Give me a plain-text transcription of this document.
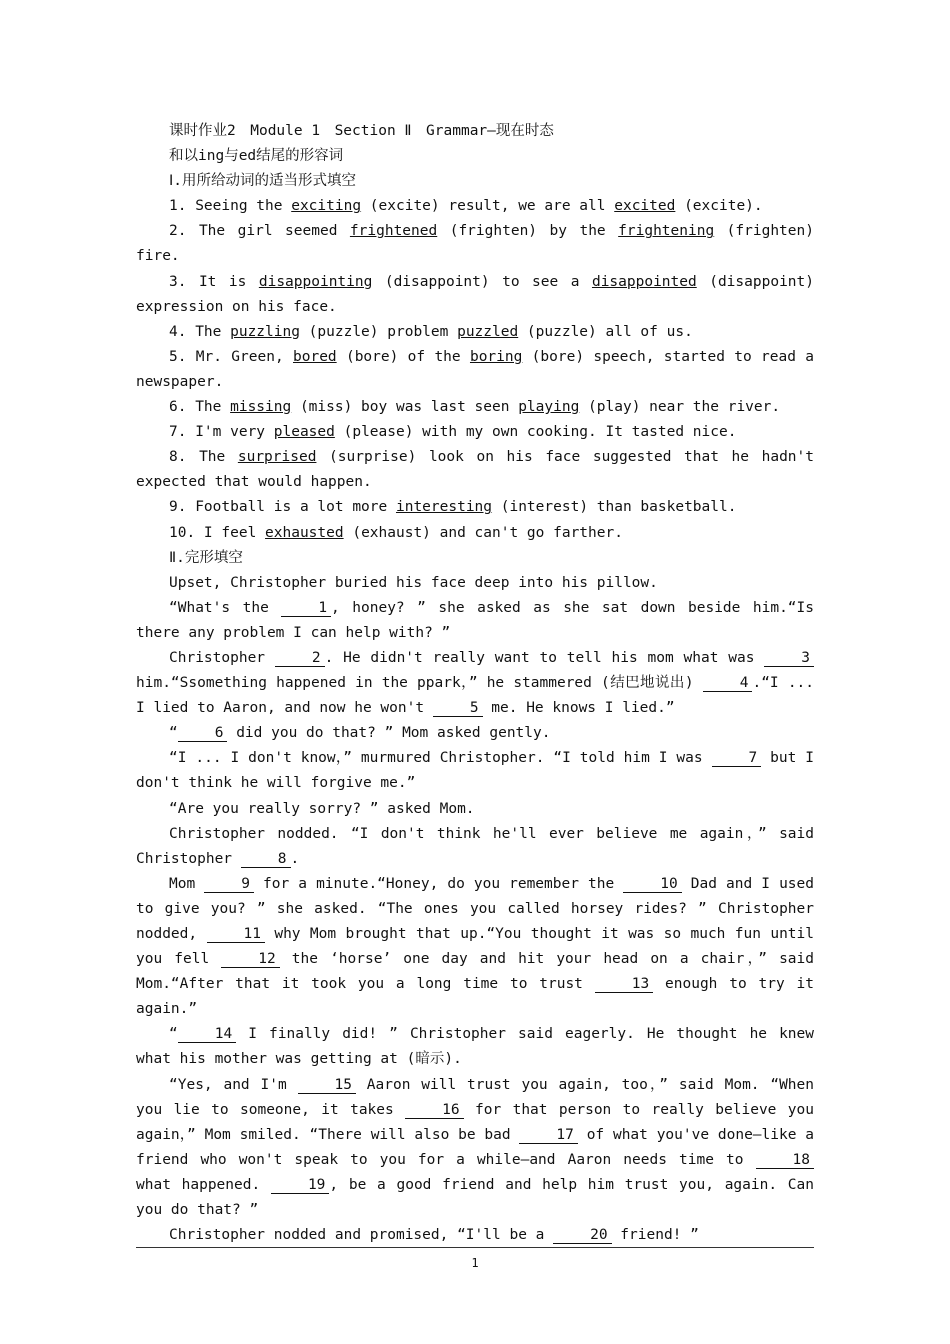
课时作业2　Module 1　Section Ⅱ　Grammar—现在时态

和以ing与ed结尾的形容词

Ⅰ.用所给动词的适当形式填空

1. Seeing the exciting (excite) result, we are all excited (excite).

2. The girl seemed frightened (frighten) by the frightening (frighten) fire.

3. It is disappointing (disappoint) to see a disappointed (disappoint) expression on his face.

4. The puzzling (puzzle) problem puzzled (puzzle) all of us.

5. Mr. Green, bored (bore) of the boring (bore) speech, started to read a newspaper.

6. The missing (miss) boy was last seen playing (play) near the river.

7. I'm very pleased (please) with my own cooking. It tasted nice.

8. The surprised (surprise) look on his face suggested that he hadn't expected that would happen.

9. Football is a lot more interesting (interest) than basketball.

10. I feel exhausted (exhaust) and can't go farther.

Ⅱ.完形填空

Upset, Christopher buried his face deep into his pillow.

“What's the	1 , honey? ” she asked as she sat down beside him.“Is there any problem I can help with? ”

Christopher	2 . He didn't really want to tell his mom what was	3 him.“Ssomething happened in the ppark，” he stammered (结巴地说出)	4 .“I ... I lied to Aaron, and now he won't	5 me. He knows I lied.”

“	6 did you do that? ” Mom asked gently.

“I ... I don't know，” murmured Christopher. “I told him I was	7 but I don't think he will forgive me.”

“Are you really sorry? ” asked Mom.

Christopher nodded. “I don't think he'll ever believe me again，” said Christopher	8 .

Mom	9 for a minute.“Honey, do you remember the	10 Dad and I used to give you? ” she asked. “The ones you called horsey rides? ” Christopher nodded,	11 why Mom brought that up.“You thought it was so much fun until you fell	12 the ‘horse’ one day and hit your head on a chair，” said Mom.“After that it took you a long time to trust	13 enough to try it again.”

“	14 I finally did! ” Christopher said eagerly. He thought he knew what his mother was getting at (暗示).

“Yes, and I'm	15 Aaron will trust you again, too，” said Mom. “When you lie to someone, it takes	16 for that person to really believe you again，” Mom smiled. “There will also be bad	17 of what you've done—like a friend who won't speak to you for a while—and Aaron needs time to	18 what happened.	19 , be a good friend and help him trust you, again. Can you do that? ”

Christopher nodded and promised, “I'll be a	20 friend! ”

1
